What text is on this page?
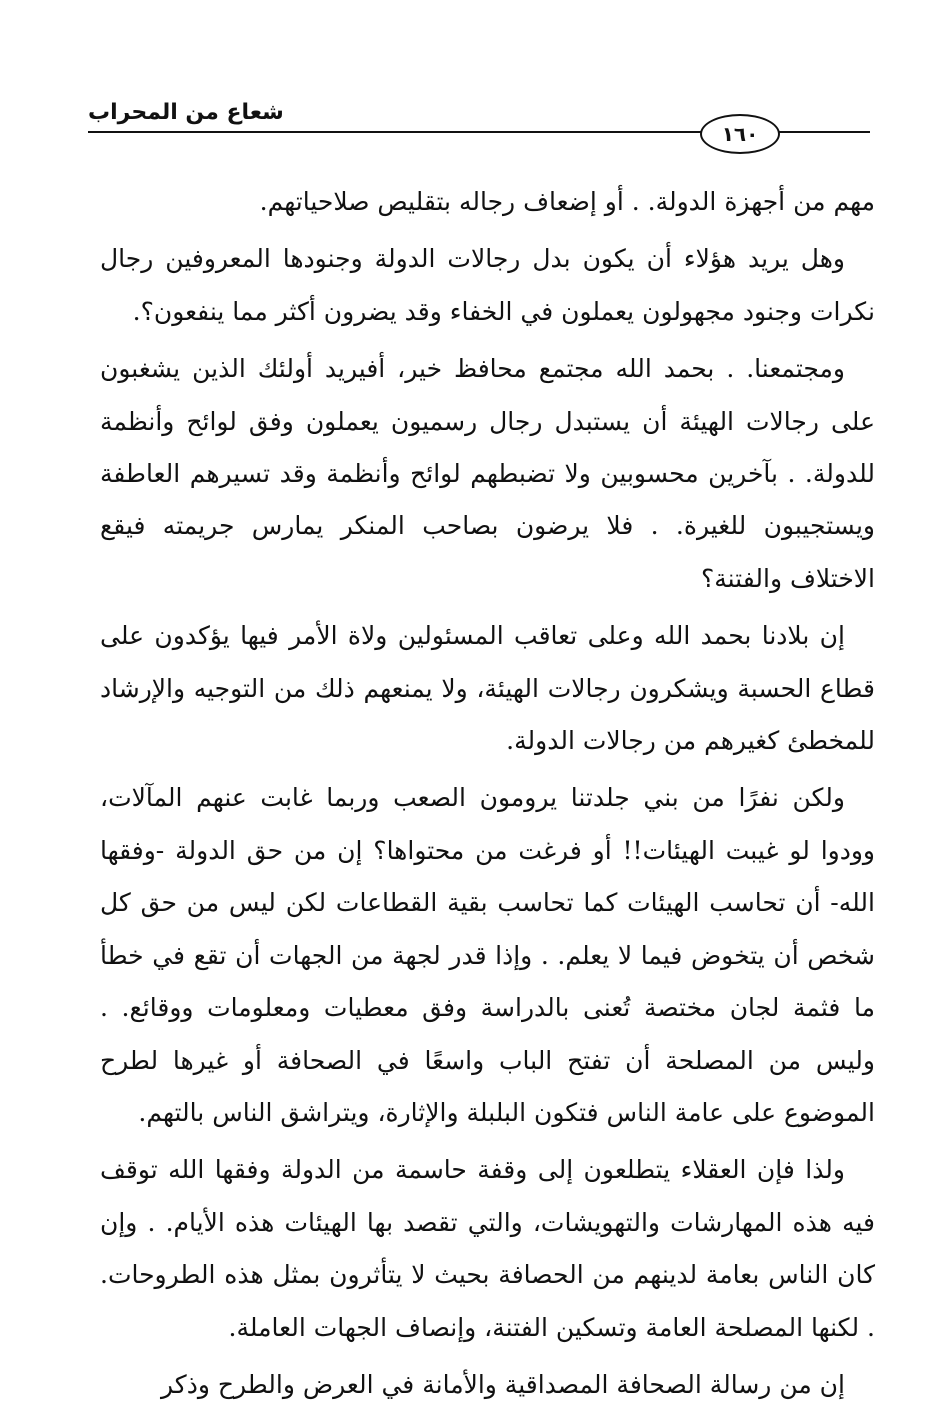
شعاع من المحراب
١٦٠

مهم من أجهزة الدولة. . أو إضعاف رجاله بتقليص صلاحياتهم.

وهل يريد هؤلاء أن يكون بدل رجالات الدولة وجنودها المعروفين رجال نكرات وجنود مجهولون يعملون في الخفاء وقد يضرون أكثر مما ينفعون؟.

ومجتمعنا. . بحمد الله مجتمع محافظ خير، أفيريد أولئك الذين يشغبون على رجالات الهيئة أن يستبدل رجال رسميون يعملون وفق لوائح وأنظمة للدولة. . بآخرين محسوبين ولا تضبطهم لوائح وأنظمة وقد تسيرهم العاطفة ويستجيبون للغيرة. . فلا يرضون بصاحب المنكر يمارس جريمته فيقع الاختلاف والفتنة؟

إن بلادنا بحمد الله وعلى تعاقب المسئولين ولاة الأمر فيها يؤكدون على قطاع الحسبة ويشكرون رجالات الهيئة، ولا يمنعهم ذلك من التوجيه والإرشاد للمخطئ كغيرهم من رجالات الدولة.

ولكن نفرًا من بني جلدتنا يرومون الصعب وربما غابت عنهم المآلات، وودوا لو غيبت الهيئات!! أو فرغت من محتواها؟ إن من حق الدولة -وفقها الله- أن تحاسب الهيئات كما تحاسب بقية القطاعات لكن ليس من حق كل شخص أن يتخوض فيما لا يعلم. . وإذا قدر لجهة من الجهات أن تقع في خطأ ما فثمة لجان مختصة تُعنى بالدراسة وفق معطيات ومعلومات ووقائع. . وليس من المصلحة أن تفتح الباب واسعًا في الصحافة أو غيرها لطرح الموضوع على عامة الناس فتكون البلبلة والإثارة، ويتراشق الناس بالتهم.

ولذا فإن العقلاء يتطلعون إلى وقفة حاسمة من الدولة وفقها الله توقف فيه هذه المهارشات والتهويشات، والتي تقصد بها الهيئات هذه الأيام. . وإن كان الناس بعامة لدينهم من الحصافة بحيث لا يتأثرون بمثل هذه الطروحات. . لكنها المصلحة العامة وتسكين الفتنة، وإنصاف الجهات العاملة.

إن من رسالة الصحافة المصداقية والأمانة في العرض والطرح وذكر
